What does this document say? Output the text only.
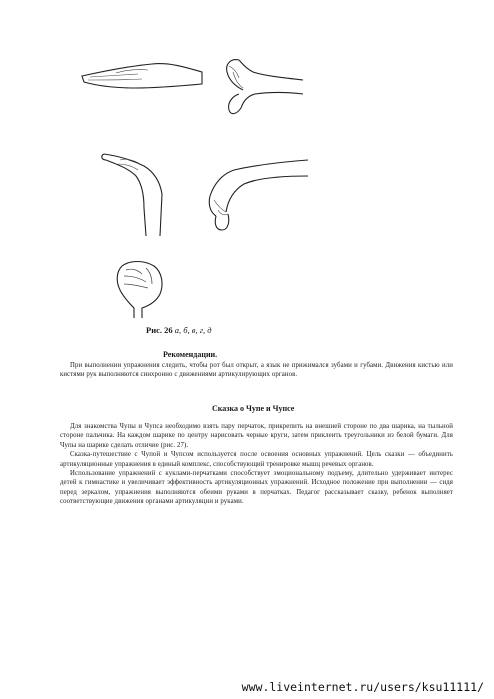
Рис. 26 а, б, в, г, д
Рекомендации.

При выполнении упражнения следить, чтобы рот был открыт, а язык не прижимался зубами и губами. Движения кистью или кистями рук выполняются синхронно с движениями артикулирующих органов.

Сказка о Чупе и Чупсе

Для знакомства Чупы и Чупса необходимо взять пару перчаток, прикрепить на внешней стороне по два шарика, на тыльной стороне пальчика. На каждом шарике по центру нарисовать черные круги, затем приклеить треугольники из белой бумаги. Для Чупы на шарике сделать отличие (рис. 27).

Сказка-путешествие с Чупой и Чупсом используется после освоения основных упражнений. Цель сказки — объединить артикуляционные упражнения в единый комплекс, способствующий тренировке мышц речевых органов.

Использование упражнений с куклами-перчатками способствует эмоциональному подъему, длительно удерживает интерес детей к гимнастике и увеличивает эффективность артикуляционных упражнений. Исходное положение при выполнении — сидя перед зеркалом, упражнения выполняются обеими руками в перчатках. Педагог рассказывает сказку, ребенок выполняет соответствующие движения органами артикуляции и руками.

www.liveinternet.ru/users/ksu11111/
